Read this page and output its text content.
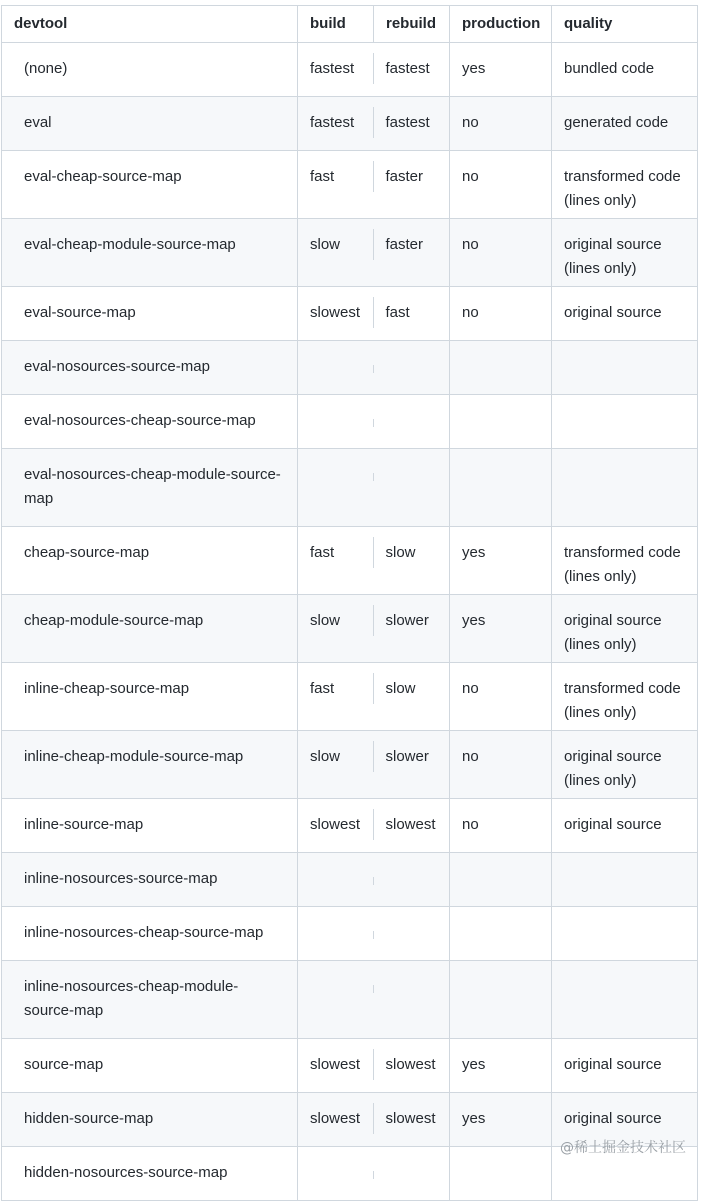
devtool	build	rebuild	production	quality
(none)	fastest	fastest	yes	bundled code
eval	fastest	fastest	no	generated code
eval-cheap-source-map	fast	faster	no	transformed code (lines only)
eval-cheap-module-source-map	slow	faster	no	original source (lines only)
eval-source-map	slowest	fast	no	original source
eval-nosources-source-map	

eval-nosources-cheap-source-map	

eval-nosources-cheap-module-source-map	

cheap-source-map	fast	slow	yes	transformed code (lines only)
cheap-module-source-map	slow	slower	yes	original source (lines only)
inline-cheap-source-map	fast	slow	no	transformed code (lines only)
inline-cheap-module-source-map	slow	slower	no	original source (lines only)
inline-source-map	slowest	slowest	no	original source
inline-nosources-source-map	

inline-nosources-cheap-source-map	

inline-nosources-cheap-module-source-map	

source-map	slowest	slowest	yes	original source
hidden-source-map	slowest	slowest	yes	original source
hidden-nosources-source-map	

@稀土掘金技术社区
